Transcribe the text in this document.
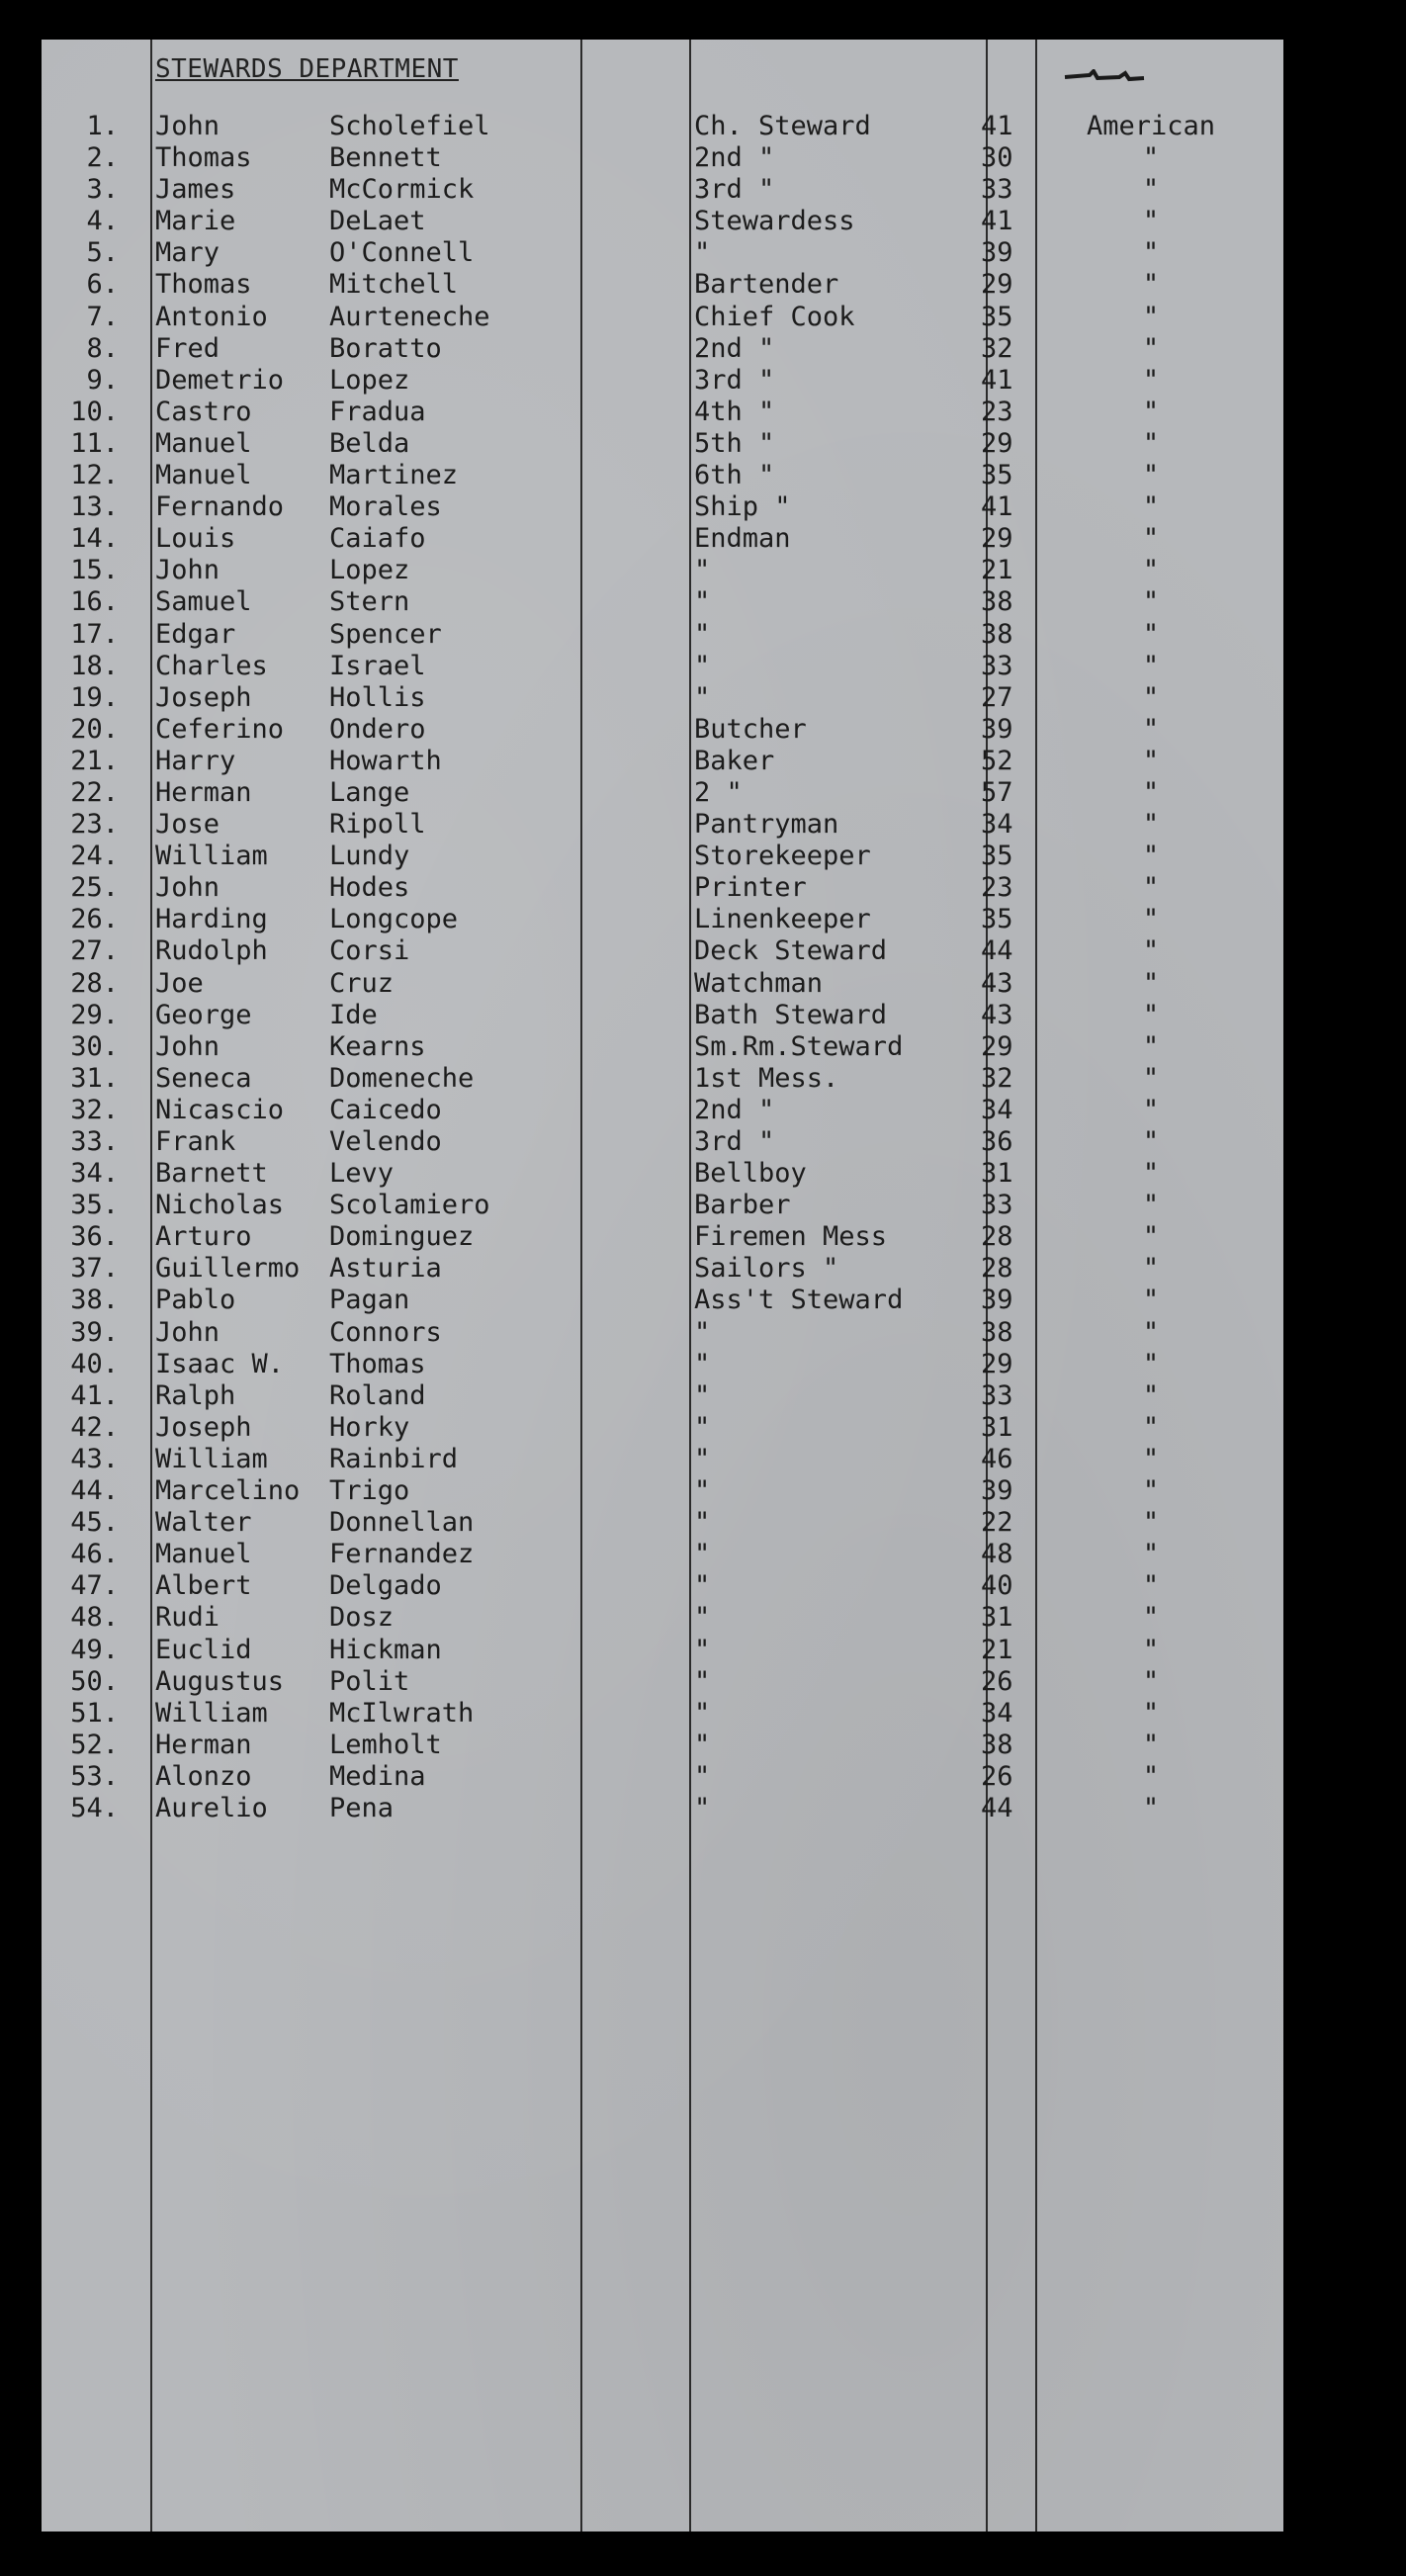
STEWARDS DEPARTMENT
1. John	Scholefiel	Ch. Steward	41	American
2. Thomas	Bennett	2nd "	30	"
3. James	McCormick	3rd "	33	"
4. Marie	DeLaet	Stewardess	41	"
5. Mary	O'Connell	"	39	"
6. Thomas	Mitchell	Bartender	29	"
7. Antonio	Aurteneche	Chief Cook	35	"
8. Fred	Boratto	2nd "	32	"
9. Demetrio	Lopez	3rd "	41	"
10. Castro	Fradua	4th "	23	"
11. Manuel	Belda	5th "	29	"
12. Manuel	Martinez	6th "	35	"
13. Fernando	Morales	Ship "	41	"
14. Louis	Caiafo	Endman	29	"
15. John	Lopez	"	21	"
16. Samuel	Stern	"	38	"
17. Edgar	Spencer	"	38	"
18. Charles	Israel	"	33	"
19. Joseph	Hollis	"	27	"
20. Ceferino	Ondero	Butcher	39	"
21. Harry	Howarth	Baker	52	"
22. Herman	Lange	2 "	57	"
23. Jose	Ripoll	Pantryman	34	"
24. William	Lundy	Storekeeper	35	"
25. John	Hodes	Printer	23	"
26. Harding	Longcope	Linenkeeper	35	"
27. Rudolph	Corsi	Deck Steward	44	"
28. Joe	Cruz	Watchman	43	"
29. George	Ide	Bath Steward	43	"
30. John	Kearns	Sm.Rm.Steward	29	"
31. Seneca	Domeneche	1st Mess.	32	"
32. Nicascio	Caicedo	2nd "	34	"
33. Frank	Velendo	3rd "	36	"
34. Barnett	Levy	Bellboy	31	"
35. Nicholas	Scolamiero	Barber	33	"
36. Arturo	Dominguez	Firemen Mess	28	"
37. Guillermo	Asturia	Sailors "	28	"
38. Pablo	Pagan	Ass't Steward	39	"
39. John	Connors	"	38	"
40. Isaac W.	Thomas	"	29	"
41. Ralph	Roland	"	33	"
42. Joseph	Horky	"	31	"
43. William	Rainbird	"	46	"
44. Marcelino	Trigo	"	39	"
45. Walter	Donnellan	"	22	"
46. Manuel	Fernandez	"	48	"
47. Albert	Delgado	"	40	"
48. Rudi	Dosz	"	31	"
49. Euclid	Hickman	"	21	"
50. Augustus	Polit	"	26	"
51. William	McIlwrath	"	34	"
52. Herman	Lemholt	"	38	"
53. Alonzo	Medina	"	26	"
54. Aurelio	Pena	"	44	"
